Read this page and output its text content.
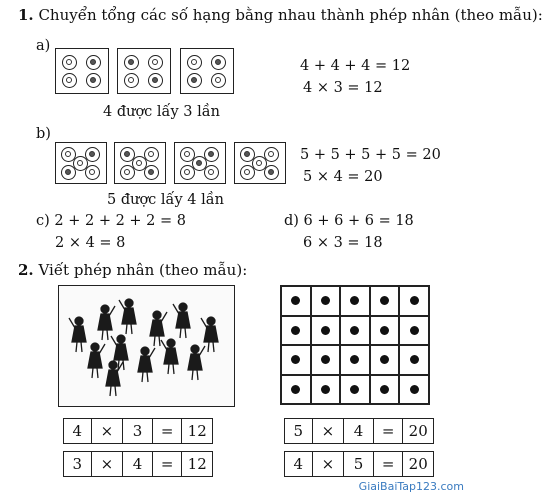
1. Chuyển tổng các số hạng bằng nhau thành phép nhân (theo mẫu):
a)
4 + 4 + 4 = 12
4 × 3 = 12
4 được lấy 3 lần
b)
5 + 5 + 5 + 5 = 20
5 × 4 = 20
5 được lấy 4 lần
c) 2 + 2 + 2 + 2 = 8
2 × 4 = 8
d) 6 + 6 + 6 = 18
6 × 3 = 18
2. Viết phép nhân (theo mẫu):
4	×	3	= 12
3	×	4	= 12
5	×	4	= 20
4	×	5	= 20
GiaiBaiTap123.com
